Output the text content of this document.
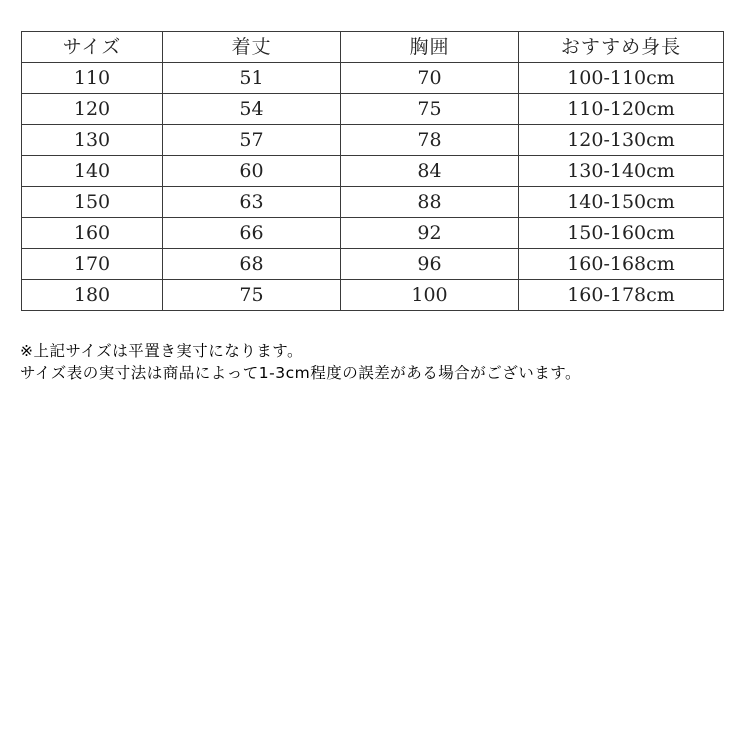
サイズ	着丈	胸囲	おすすめ身長
110	51	70	100-110cm
120	54	75	110-120cm
130	57	78	120-130cm
140	60	84	130-140cm
150	63	88	140-150cm
160	66	92	150-160cm
170	68	96	160-168cm
180	75	100	160-178cm

※上記サイズは平置き実寸になります。

サイズ表の実寸法は商品によって1-3cm程度の誤差がある場合がございます。
